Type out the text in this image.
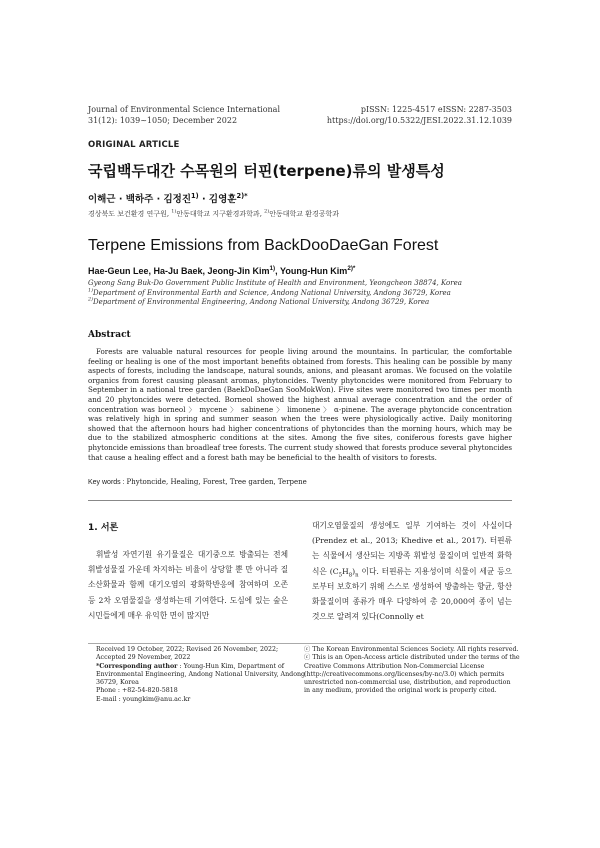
Journal of Environmental Science International
31(12): 1039~1050; December 2022
pISSN: 1225-4517 eISSN: 2287-3503
https://doi.org/10.5322/JESI.2022.31.12.1039
ORIGINAL ARTICLE
국립백두대간 수목원의 터핀(terpene)류의 발생특성
이해근 · 백하주 · 김정진$^{1)}$ · 김영훈$^{2)*}$
경상북도 보건환경 연구원, $^{1)}$안동대학교 지구환경과학과, $^{2)}$안동대학교 환경공학과
Terpene Emissions from BackDooDaeGan Forest
Hae-Geun Lee, Ha-Ju Baek, Jeong-Jin Kim$^{1)}$, Young-Hun Kim$^{2)*}$
Gyeong Sang Buk-Do Government Public Institute of Health and Environment, Yeongcheon 38874, Korea
$^{1)}$Department of Environmental Earth and Science, Andong National University, Andong 36729, Korea
$^{2)}$Department of Environmental Engineering, Andong National University, Andong 36729, Korea
Abstract
Forests are valuable natural resources for people living around the mountains. In particular, the comfortable feeling or healing is one of the most important benefits obtained from forests. This healing can be possible by many aspects of forests, including the landscape, natural sounds, anions, and pleasant aromas. We focused on the volatile organics from forest causing pleasant aromas, phytoncides. Twenty phytoncides were monitored from February to September in a national tree garden (BaekDoDaeGan SooMokWon). Five sites were monitored two times per month and 20 phytoncides were detected. Borneol showed the highest annual average concentration and the order of concentration was borneol 〉 mycene 〉 sabinene 〉 limonene 〉 α-pinene. The average phytoncide concentration was relatively high in spring and summer season when the trees were physiologically active. Daily monitoring showed that the afternoon hours had higher concentrations of phytoncides than the morning hours, which may be due to the stabilized atmospheric conditions at the sites. Among the five sites, coniferous forests gave higher phytoncide emissions than broadleaf tree forests. The current study showed that forests produce several phytoncides that cause a healing effect and a forest bath may be beneficial to the health of visitors to forests.
Key words : Phytoncide, Healing, Forest, Tree garden, Terpene
1. 서론
휘발성 자연기원 유기물질은 대기중으로 방출되는 전체 휘발성물질 가운데 차지하는 비율이 상당할 뿐 만 아니라 질소산화물과 함께 대기오염의 광화학반응에 참여하며 오존 등 2차 오염물질을 생성하는데 기여한다. 도심에 있는 숲은 시민들에게 매우 유익한 면이 많지만
대기오염물질의 생성에도 일부 기여하는 것이 사실이다 (Prendez et al., 2013; Khedive et al., 2017). 터핀류는 식물에서 생산되는 지방족 휘발성 물질이며 일반적 화학식은 $(C_5H_8)_n$ 이다. 터핀류는 지용성이며 식물이 세균 등으로부터 보호하기 위해 스스로 생성하여 방출하는 향균, 항산화물질이며 종류가 매우 다양하여 총 20,000여 종이 넘는 것으로 알려져 있다(Connolly et
Received 19 October, 2022; Revised 26 November, 2022;
Accepted 29 November, 2022
*Corresponding author : Young-Hun Kim, Department of
Environmental Engineering, Andong National University, Andong
36729, Korea
Phone : +82-54-820-5818
E-mail : youngkim@anu.ac.kr
ⓒ The Korean Environmental Sciences Society. All rights reserved.
ⓒ This is an Open-Access article distributed under the terms of the
Creative Commons Attribution Non-Commercial License
(http://creativecommons.org/licenses/by-nc/3.0) which permits
unrestricted non-commercial use, distribution, and reproduction
in any medium, provided the original work is properly cited.
